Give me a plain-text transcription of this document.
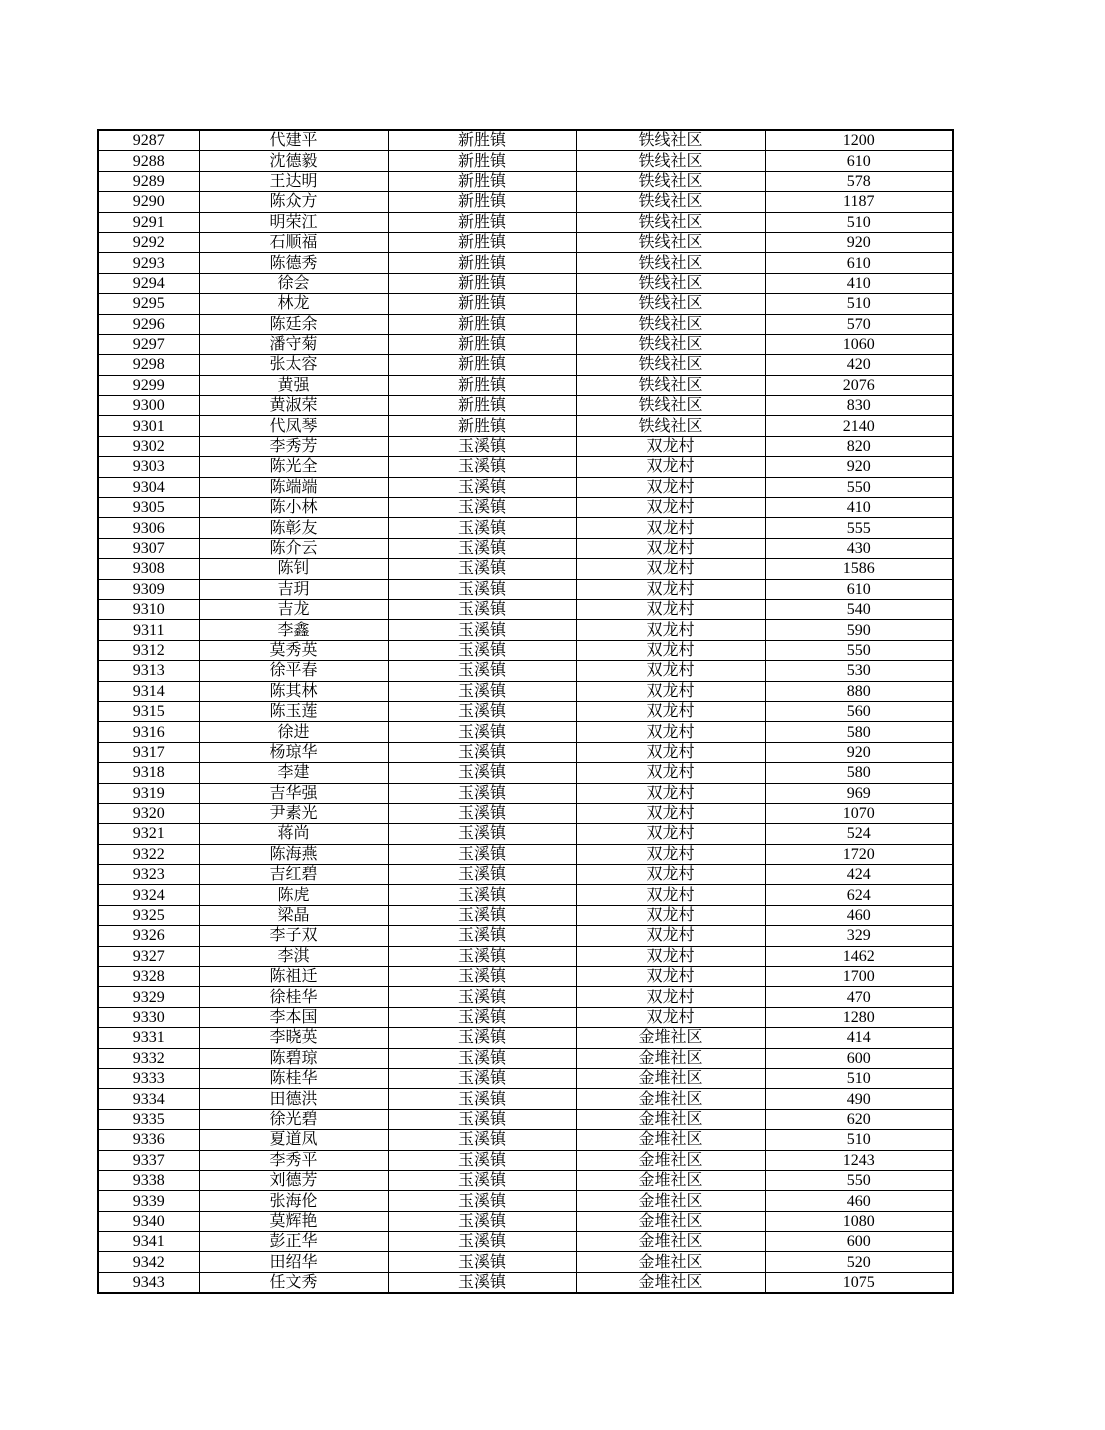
9287	代建平	新胜镇	铁线社区	1200
9288	沈德毅	新胜镇	铁线社区	610
9289	王达明	新胜镇	铁线社区	578
9290	陈众方	新胜镇	铁线社区	1187
9291	明荣江	新胜镇	铁线社区	510
9292	石顺福	新胜镇	铁线社区	920
9293	陈德秀	新胜镇	铁线社区	610
9294	徐会	新胜镇	铁线社区	410
9295	林龙	新胜镇	铁线社区	510
9296	陈廷余	新胜镇	铁线社区	570
9297	潘守菊	新胜镇	铁线社区	1060
9298	张太容	新胜镇	铁线社区	420
9299	黄强	新胜镇	铁线社区	2076
9300	黄淑荣	新胜镇	铁线社区	830
9301	代凤琴	新胜镇	铁线社区	2140
9302	李秀芳	玉溪镇	双龙村	820
9303	陈光全	玉溪镇	双龙村	920
9304	陈端端	玉溪镇	双龙村	550
9305	陈小林	玉溪镇	双龙村	410
9306	陈彰友	玉溪镇	双龙村	555
9307	陈介云	玉溪镇	双龙村	430
9308	陈钊	玉溪镇	双龙村	1586
9309	吉玥	玉溪镇	双龙村	610
9310	吉龙	玉溪镇	双龙村	540
9311	李鑫	玉溪镇	双龙村	590
9312	莫秀英	玉溪镇	双龙村	550
9313	徐平春	玉溪镇	双龙村	530
9314	陈其林	玉溪镇	双龙村	880
9315	陈玉莲	玉溪镇	双龙村	560
9316	徐进	玉溪镇	双龙村	580
9317	杨琼华	玉溪镇	双龙村	920
9318	李建	玉溪镇	双龙村	580
9319	吉华强	玉溪镇	双龙村	969
9320	尹素光	玉溪镇	双龙村	1070
9321	蒋尚	玉溪镇	双龙村	524
9322	陈海燕	玉溪镇	双龙村	1720
9323	吉红碧	玉溪镇	双龙村	424
9324	陈虎	玉溪镇	双龙村	624
9325	梁晶	玉溪镇	双龙村	460
9326	李子双	玉溪镇	双龙村	329
9327	李淇	玉溪镇	双龙村	1462
9328	陈祖迁	玉溪镇	双龙村	1700
9329	徐桂华	玉溪镇	双龙村	470
9330	李本国	玉溪镇	双龙村	1280
9331	李晓英	玉溪镇	金堆社区	414
9332	陈碧琼	玉溪镇	金堆社区	600
9333	陈桂华	玉溪镇	金堆社区	510
9334	田德洪	玉溪镇	金堆社区	490
9335	徐光碧	玉溪镇	金堆社区	620
9336	夏道凤	玉溪镇	金堆社区	510
9337	李秀平	玉溪镇	金堆社区	1243
9338	刘德芳	玉溪镇	金堆社区	550
9339	张海伦	玉溪镇	金堆社区	460
9340	莫辉艳	玉溪镇	金堆社区	1080
9341	彭正华	玉溪镇	金堆社区	600
9342	田绍华	玉溪镇	金堆社区	520
9343	任文秀	玉溪镇	金堆社区	1075
